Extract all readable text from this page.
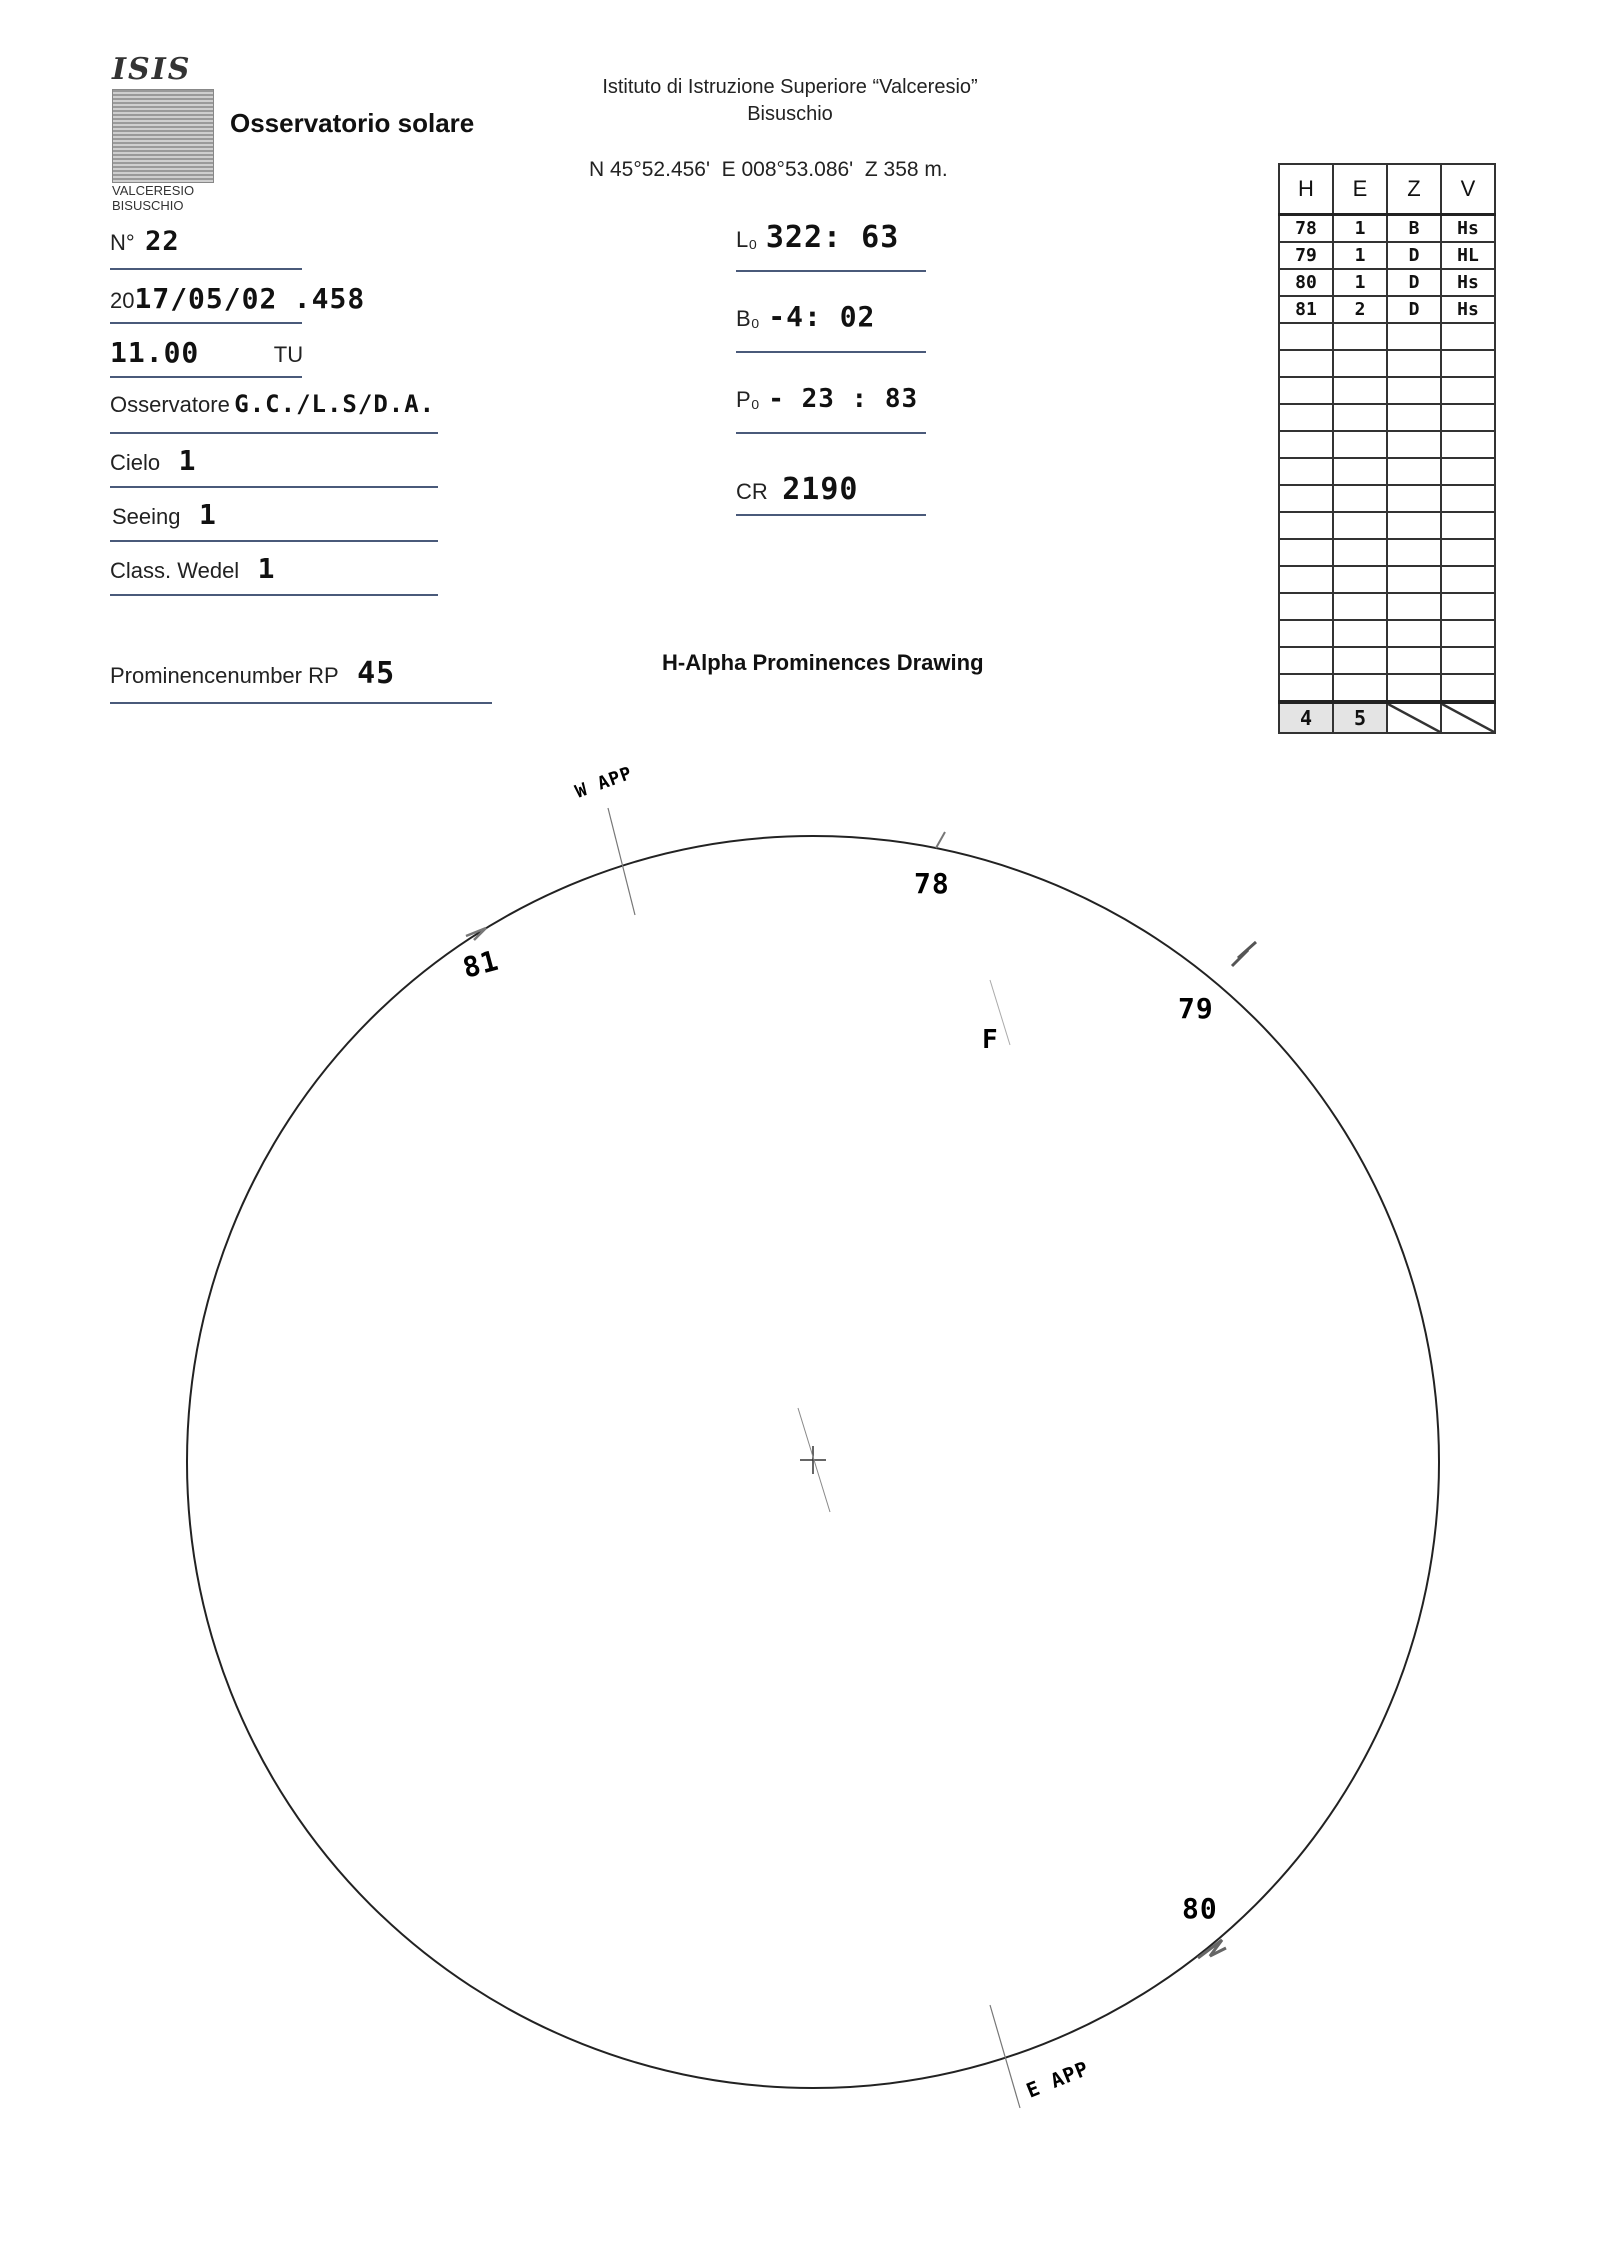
ISIS
VALCERESIO
BISUSCHIO
Osservatorio solare
Istituto di Istruzione Superiore “Valceresio”
Bisuschio
N 45°52.456'  E 008°53.086'  Z 358 m.
N° 22
2017/05/02 .458
11.00	TU
Osservatore G.C./L.S/D.A.
Cielo 1
Seeing 1
Class. Wedel 1
Prominencenumber RP 45
L₀ 322: 63
B₀ -4: 02
P₀ - 23 : 83
CR 2190
H-Alpha Prominences Drawing
H	E	Z	V
78	1	B	Hs
79	1	D	HL
80	1	D	Hs
81	2	D	Hs

4	5		
W APP
E APP
78
79
80
81
F
